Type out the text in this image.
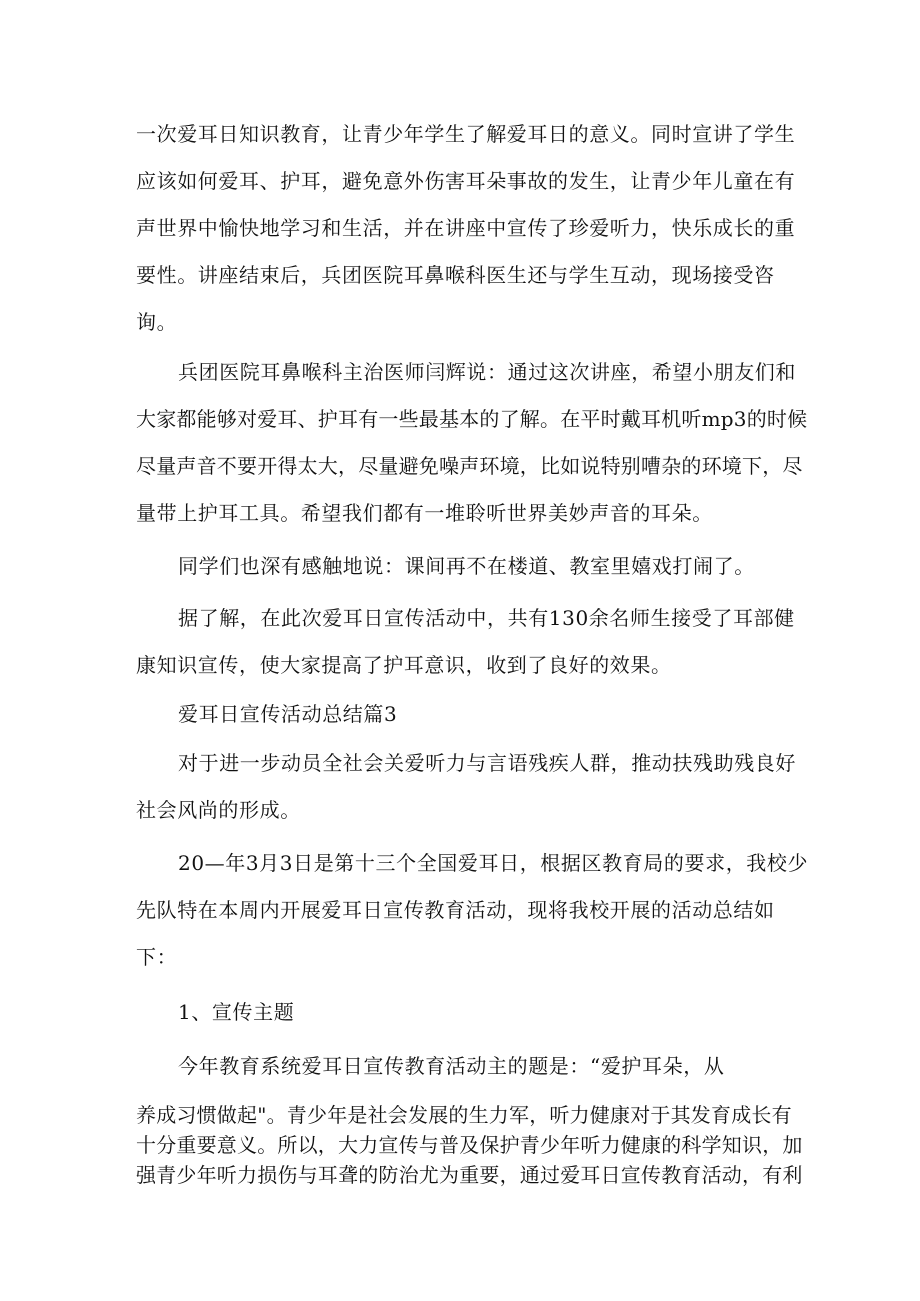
一次爱耳日知识教育，让青少年学生了解爱耳日的意义。同时宣讲了学生
应该如何爱耳、护耳，避免意外伤害耳朵事故的发生，让青少年儿童在有
声世界中愉快地学习和生活，并在讲座中宣传了珍爱听力，快乐成长的重
要性。讲座结束后，兵团医院耳鼻喉科医生还与学生互动，现场接受咨
询。
兵团医院耳鼻喉科主治医师闫辉说：通过这次讲座，希望小朋友们和
大家都能够对爱耳、护耳有一些最基本的了解。在平时戴耳机听mp3的时候
尽量声音不要开得太大，尽量避免噪声环境，比如说特别嘈杂的环境下，尽
量带上护耳工具。希望我们都有一堆聆听世界美妙声音的耳朵。
同学们也深有感触地说：课间再不在楼道、教室里嬉戏打闹了。
据了解，在此次爱耳日宣传活动中，共有130余名师生接受了耳部健
康知识宣传，使大家提高了护耳意识，收到了良好的效果。
爱耳日宣传活动总结篇3
对于进一步动员全社会关爱听力与言语残疾人群，推动扶残助残良好
社会风尚的形成。
20—年3月3日是第十三个全国爱耳日，根据区教育局的要求，我校少
先队特在本周内开展爱耳日宣传教育活动，现将我校开展的活动总结如
下：
1、宣传主题
今年教育系统爱耳日宣传教育活动主的题是：“爱护耳朵，从
养成习惯做起"。青少年是社会发展的生力军，听力健康对于其发育成长有
十分重要意义。所以，大力宣传与普及保护青少年听力健康的科学知识，加
强青少年听力损伤与耳聋的防治尤为重要，通过爱耳日宣传教育活动，有利
